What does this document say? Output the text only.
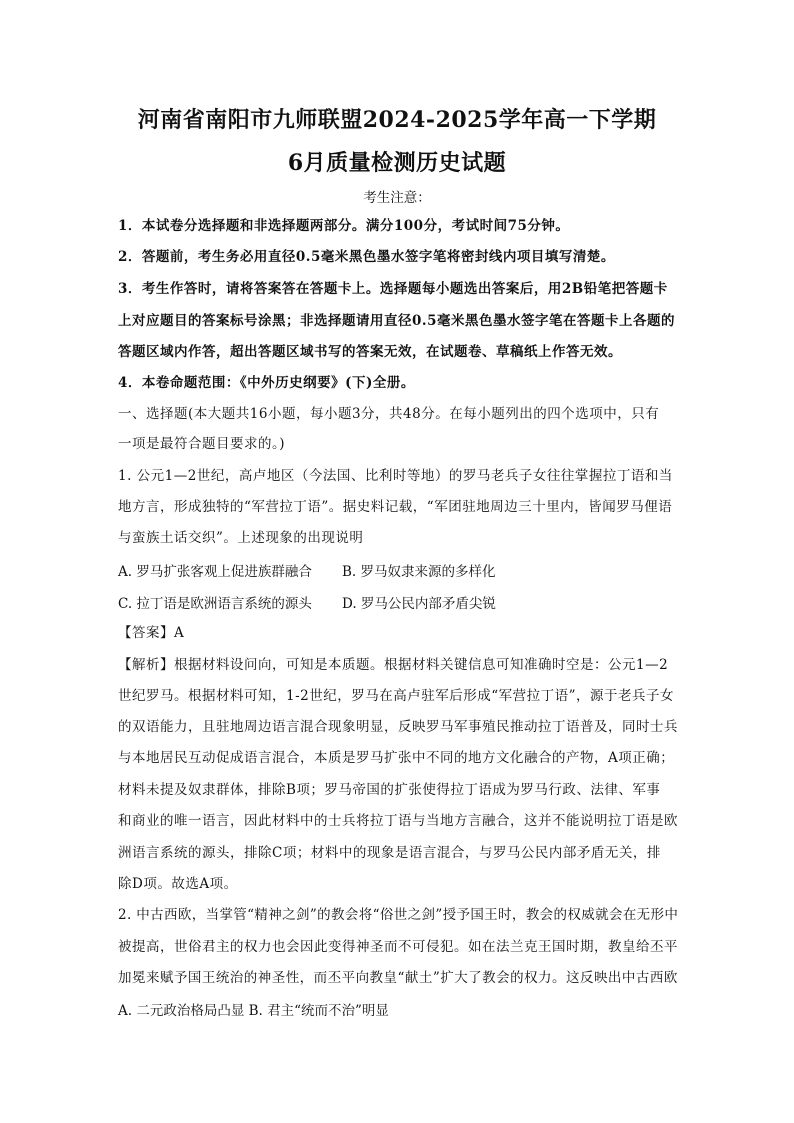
河南省南阳市九师联盟2024-2025学年高一下学期
6月质量检测历史试题
考生注意：
1．本试卷分选择题和非选择题两部分。满分100分，考试时间75分钟。
2．答题前，考生务必用直径0.5毫米黑色墨水签字笔将密封线内项目填写清楚。
3．考生作答时，请将答案答在答题卡上。选择题每小题选出答案后，用2B铅笔把答题卡
上对应题目的答案标号涂黑；非选择题请用直径0.5毫米黑色墨水签字笔在答题卡上各题的
答题区域内作答，超出答题区域书写的答案无效，在试题卷、草稿纸上作答无效。
4．本卷命题范围：《中外历史纲要》(下)全册。
一、选择题(本大题共16小题，每小题3分，共48分。在每小题列出的四个选项中，只有
一项是最符合题目要求的。)
1. 公元1—2世纪，高卢地区（今法国、比利时等地）的罗马老兵子女往往掌握拉丁语和当
地方言，形成独特的“军营拉丁语”。据史料记载，“军团驻地周边三十里内，皆闻罗马俚语
与蛮族土话交织”。上述现象的出现说明
A. 罗马扩张客观上促进族群融合 B. 罗马奴隶来源的多样化
C. 拉丁语是欧洲语言系统的源头 D. 罗马公民内部矛盾尖锐
【答案】A
【解析】根据材料设问向，可知是本质题。根据材料关键信息可知准确时空是：公元1—2
世纪罗马。根据材料可知，1-2世纪，罗马在高卢驻军后形成“军营拉丁语”，源于老兵子女
的双语能力，且驻地周边语言混合现象明显，反映罗马军事殖民推动拉丁语普及，同时士兵
与本地居民互动促成语言混合，本质是罗马扩张中不同的地方文化融合的产物，A项正确；
材料未提及奴隶群体，排除B项；罗马帝国的扩张使得拉丁语成为罗马行政、法律、军事
和商业的唯一语言，因此材料中的士兵将拉丁语与当地方言融合，这并不能说明拉丁语是欧
洲语言系统的源头，排除C项；材料中的现象是语言混合，与罗马公民内部矛盾无关，排
除D项。故选A项。
2. 中古西欧，当掌管“精神之剑”的教会将“俗世之剑”授予国王时，教会的权威就会在无形中
被提高，世俗君主的权力也会因此变得神圣而不可侵犯。如在法兰克王国时期，教皇给丕平
加冕来赋予国王统治的神圣性，而丕平向教皇“献土”扩大了教会的权力。这反映出中古西欧
A. 二元政治格局凸显 B. 君主“统而不治”明显
